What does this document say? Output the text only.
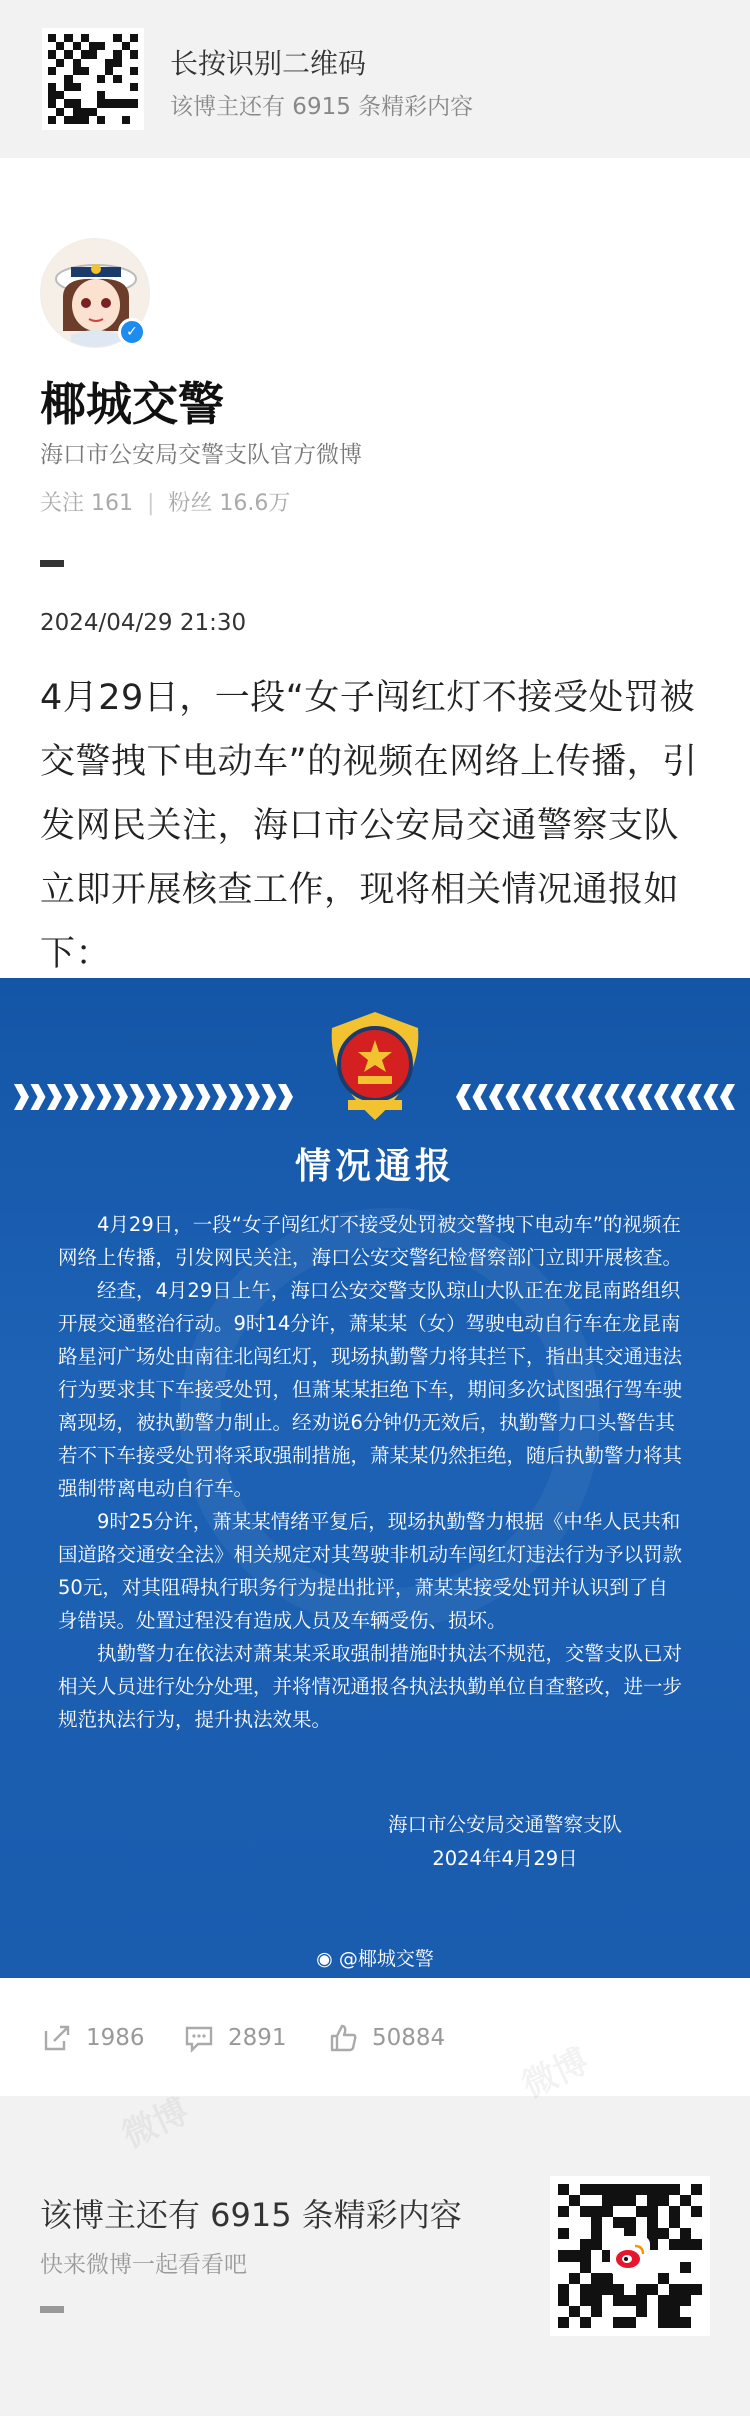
长按识别二维码
该博主还有 6915 条精彩内容
✓
椰城交警
海口市公安局交警支队官方微博
关注 161 | 粉丝 16.6万
2024/04/29 21:30
4月29日，一段“女子闯红灯不接受处罚被交警拽下电动车”的视频在网络上传播，引发网民关注，海口市公安局交通警察支队立即开展核查工作，现将相关情况通报如下：
情况通报

4月29日，一段“女子闯红灯不接受处罚被交警拽下电动车”的视频在网络上传播，引发网民关注，海口公安交警纪检督察部门立即开展核查。

经查，4月29日上午，海口公安交警支队琼山大队正在龙昆南路组织开展交通整治行动。9时14分许，萧某某（女）驾驶电动自行车在龙昆南路星河广场处由南往北闯红灯，现场执勤警力将其拦下，指出其交通违法行为要求其下车接受处罚，但萧某某拒绝下车，期间多次试图强行驾车驶离现场，被执勤警力制止。经劝说6分钟仍无效后，执勤警力口头警告其若不下车接受处罚将采取强制措施，萧某某仍然拒绝，随后执勤警力将其强制带离电动自行车。

9时25分许，萧某某情绪平复后，现场执勤警力根据《中华人民共和国道路交通安全法》相关规定对其驾驶非机动车闯红灯违法行为予以罚款50元，对其阻碍执行职务行为提出批评，萧某某接受处罚并认识到了自身错误。处置过程没有造成人员及车辆受伤、损坏。

执勤警力在依法对萧某某采取强制措施时执法不规范，交警支队已对相关人员进行处分处理，并将情况通报各执法执勤单位自查整改，进一步规范执法行为，提升执法效果。

海口市公安局交通警察支队
2024年4月29日
◉ @椰城交警
1986	2891	50884
微博
微博
该博主还有 6915 条精彩内容
快来微博一起看看吧
